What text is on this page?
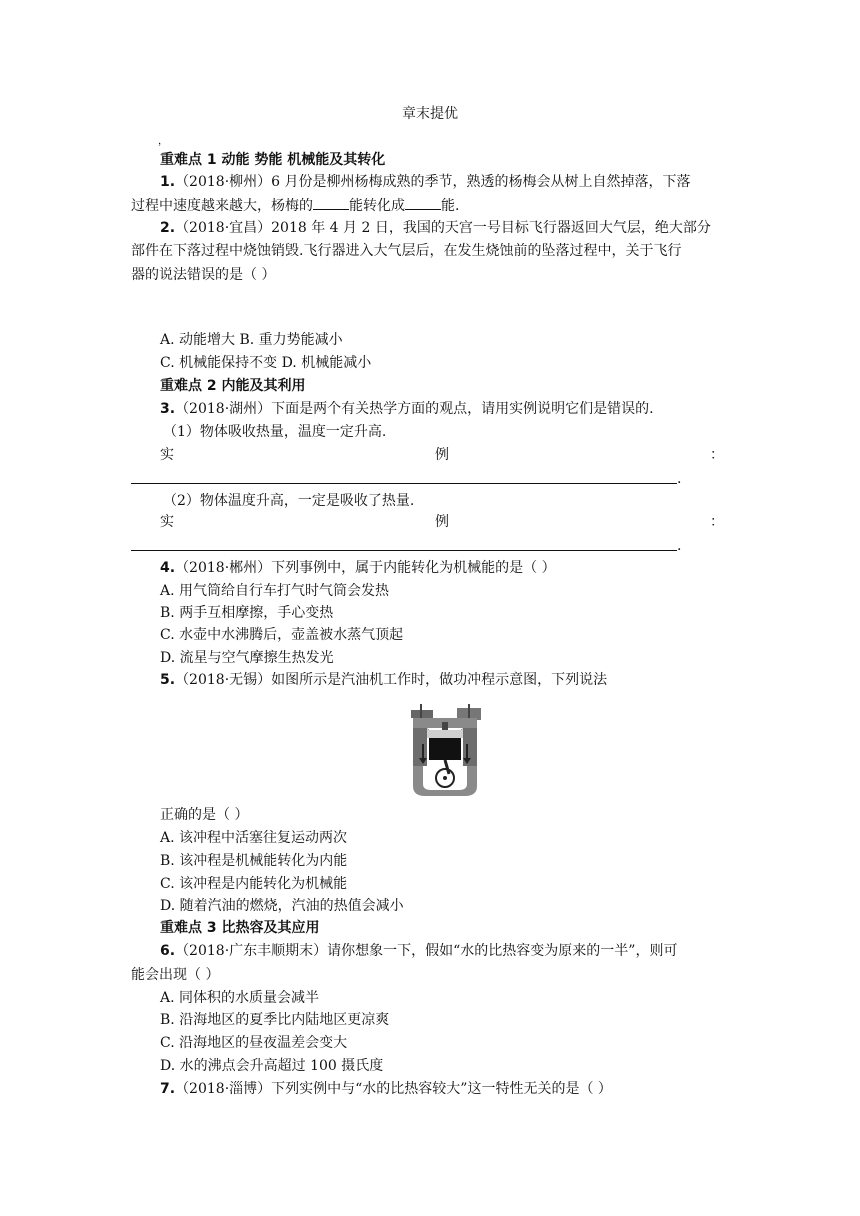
章末提优
，
重难点 1 动能 势能 机械能及其转化
1.（2018·柳州）6 月份是柳州杨梅成熟的季节，熟透的杨梅会从树上自然掉落，下落
过程中速度越来越大，杨梅的	能转化成	能.
2.（2018·宜昌）2018 年 4 月 2 日，我国的天宫一号目标飞行器返回大气层，绝大部分
部件在下落过程中烧蚀销毁.飞行器进入大气层后，在发生烧蚀前的坠落过程中，关于飞行
器的说法错误的是（ ）
A. 动能增大 B. 重力势能减小
C. 机械能保持不变 D. 机械能减小
重难点 2 内能及其利用
3.（2018·湖州）下面是两个有关热学方面的观点，请用实例说明它们是错误的.
（1）物体吸收热量，温度一定升高.
实	例	：
.
（2）物体温度升高，一定是吸收了热量.
实	例	：
.
4.（2018·郴州）下列事例中，属于内能转化为机械能的是（ ）
A. 用气筒给自行车打气时气筒会发热
B. 两手互相摩擦，手心变热
C. 水壶中水沸腾后，壶盖被水蒸气顶起
D. 流星与空气摩擦生热发光
5.（2018·无锡）如图所示是汽油机工作时，做功冲程示意图，下列说法
正确的是（ ）
A. 该冲程中活塞往复运动两次
B. 该冲程是机械能转化为内能
C. 该冲程是内能转化为机械能
D. 随着汽油的燃烧，汽油的热值会减小
重难点 3 比热容及其应用
6.（2018·广东丰顺期末）请你想象一下，假如“水的比热容变为原来的一半”，则可
能会出现（ ）
A. 同体积的水质量会减半
B. 沿海地区的夏季比内陆地区更凉爽
C. 沿海地区的昼夜温差会变大
D. 水的沸点会升高超过 100 摄氏度
7.（2018·淄博）下列实例中与“水的比热容较大”这一特性无关的是（ ）
